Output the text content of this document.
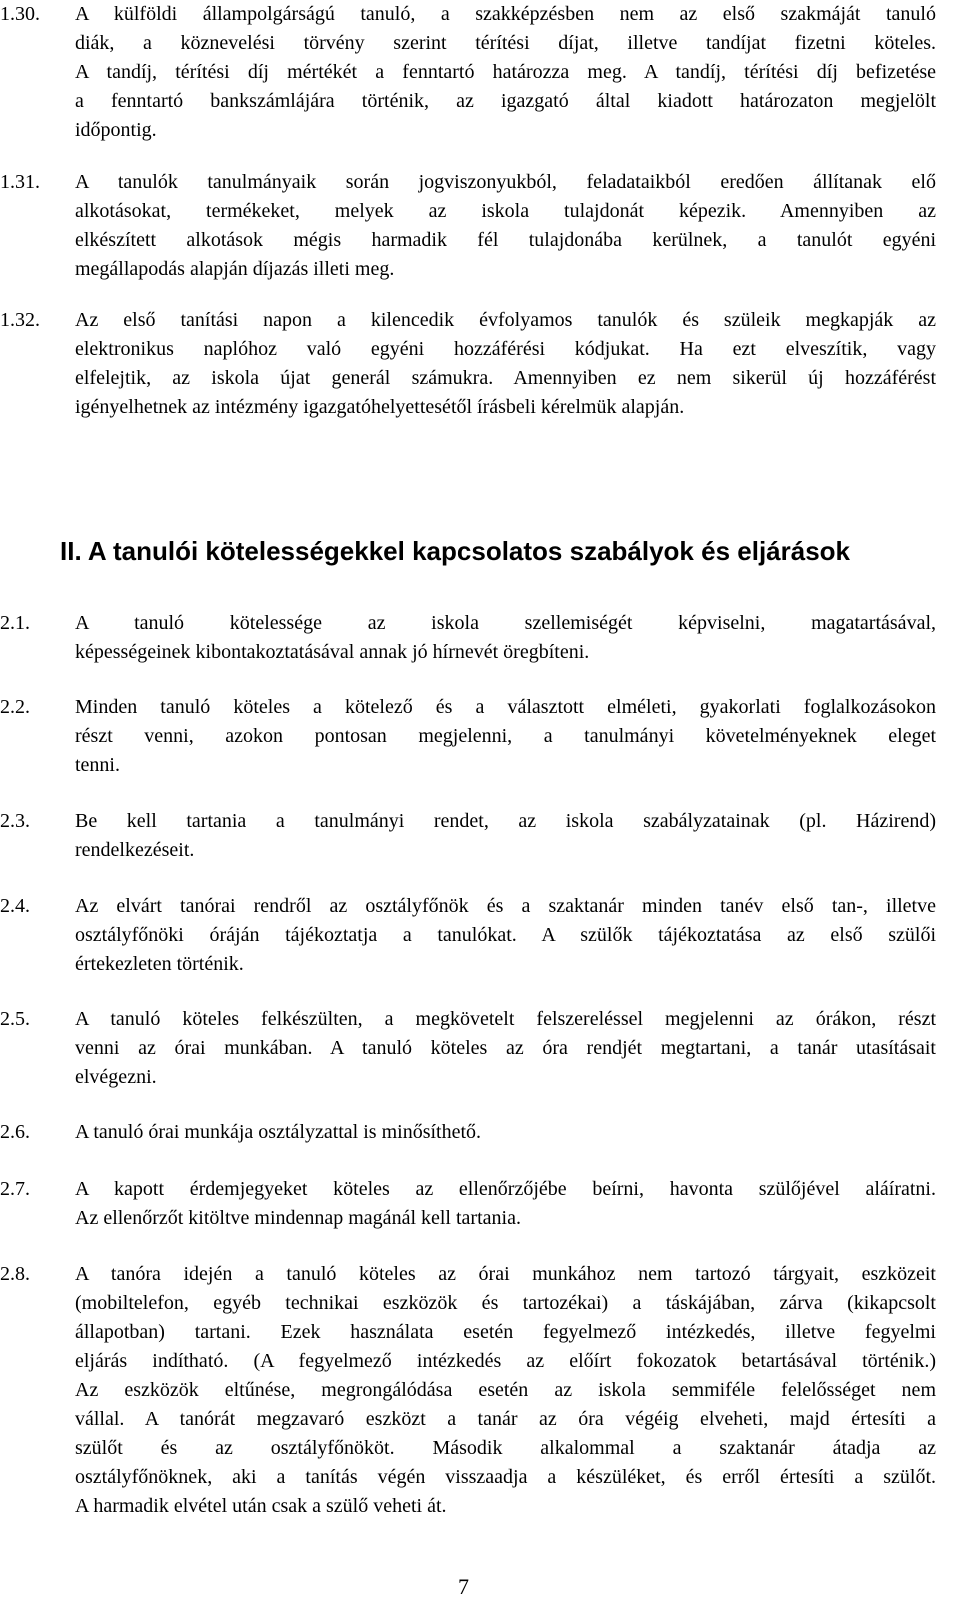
1.30. A külföldi állampolgárságú tanuló, a szakképzésben nem az első szakmáját tanuló
diák, a köznevelési törvény szerint térítési díjat, illetve tandíjat fizetni köteles.
A tandíj, térítési díj mértékét a fenntartó határozza meg. A tandíj, térítési díj befizetése
a fenntartó bankszámlájára történik, az igazgató által kiadott határozaton megjelölt
időpontig.
1.31. A tanulók tanulmányaik során jogviszonyukból, feladataikból eredően állítanak elő
alkotásokat, termékeket, melyek az iskola tulajdonát képezik. Amennyiben az
elkészített alkotások mégis harmadik fél tulajdonába kerülnek, a tanulót egyéni
megállapodás alapján díjazás illeti meg.
1.32. Az első tanítási napon a kilencedik évfolyamos tanulók és szüleik megkapják az
elektronikus naplóhoz való egyéni hozzáférési kódjukat. Ha ezt elveszítik, vagy
elfelejtik, az iskola újat generál számukra. Amennyiben ez nem sikerül új hozzáférést
igényelhetnek az intézmény igazgatóhelyettesétől írásbeli kérelmük alapján.
II. A tanulói kötelességekkel kapcsolatos szabályok és eljárások
2.1. A tanuló kötelessége az iskola szellemiségét képviselni, magatartásával,
képességeinek kibontakoztatásával annak jó hírnevét öregbíteni.
2.2. Minden tanuló köteles a kötelező és a választott elméleti, gyakorlati foglalkozásokon
részt venni, azokon pontosan megjelenni, a tanulmányi követelményeknek eleget
tenni.
2.3. Be kell tartania a tanulmányi rendet, az iskola szabályzatainak (pl. Házirend)
rendelkezéseit.
2.4. Az elvárt tanórai rendről az osztályfőnök és a szaktanár minden tanév első tan-, illetve
osztályfőnöki óráján tájékoztatja a tanulókat. A szülők tájékoztatása az első szülői
értekezleten történik.
2.5. A tanuló köteles felkészülten, a megkövetelt felszereléssel megjelenni az órákon, részt
venni az órai munkában. A tanuló köteles az óra rendjét megtartani, a tanár utasításait
elvégezni.
2.6. A tanuló órai munkája osztályzattal is minősíthető.
2.7. A kapott érdemjegyeket köteles az ellenőrzőjébe beírni, havonta szülőjével aláíratni.
Az ellenőrzőt kitöltve mindennap magánál kell tartania.
2.8. A tanóra idején a tanuló köteles az órai munkához nem tartozó tárgyait, eszközeit
(mobiltelefon, egyéb technikai eszközök és tartozékai) a táskájában, zárva (kikapcsolt
állapotban) tartani. Ezek használata esetén fegyelmező intézkedés, illetve fegyelmi
eljárás indítható. (A fegyelmező intézkedés az előírt fokozatok betartásával történik.)
Az eszközök eltűnése, megrongálódása esetén az iskola semmiféle felelősséget nem
vállal. A tanórát megzavaró eszközt a tanár az óra végéig elveheti, majd értesíti a
szülőt és az osztályfőnököt. Második alkalommal a szaktanár átadja az
osztályfőnöknek, aki a tanítás végén visszaadja a készüléket, és erről értesíti a szülőt.
A harmadik elvétel után csak a szülő veheti át.
7
